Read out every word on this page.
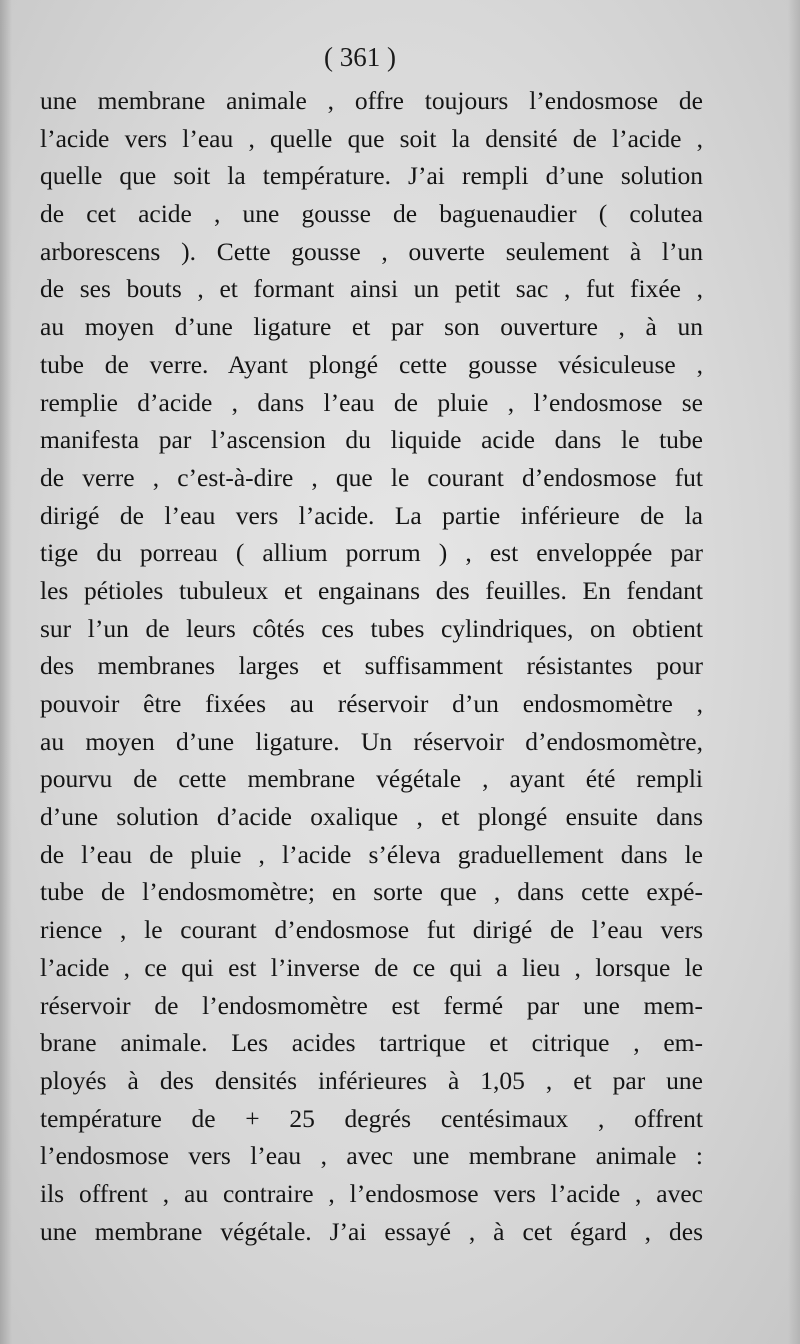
( 361 )
une membrane animale , offre toujours l’endosmose de
l’acide vers l’eau , quelle que soit la densité de l’acide ,
quelle que soit la température. J’ai rempli d’une solution
de cet acide , une gousse de baguenaudier ( colutea
arborescens ). Cette gousse , ouverte seulement à l’un
de ses bouts , et formant ainsi un petit sac , fut fixée ,
au moyen d’une ligature et par son ouverture , à un
tube de verre. Ayant plongé cette gousse vésiculeuse ,
remplie d’acide , dans l’eau de pluie , l’endosmose se
manifesta par l’ascension du liquide acide dans le tube
de verre , c’est-à-dire , que le courant d’endosmose fut
dirigé de l’eau vers l’acide. La partie inférieure de la
tige du porreau ( allium porrum ) , est enveloppée par
les pétioles tubuleux et engainans des feuilles. En fendant
sur l’un de leurs côtés ces tubes cylindriques, on obtient
des membranes larges et suffisamment résistantes pour
pouvoir être fixées au réservoir d’un endosmomètre ,
au moyen d’une ligature. Un réservoir d’endosmomètre,
pourvu de cette membrane végétale , ayant été rempli
d’une solution d’acide oxalique , et plongé ensuite dans
de l’eau de pluie , l’acide s’éleva graduellement dans le
tube de l’endosmomètre; en sorte que , dans cette expé-
rience , le courant d’endosmose fut dirigé de l’eau vers
l’acide , ce qui est l’inverse de ce qui a lieu , lorsque le
réservoir de l’endosmomètre est fermé par une mem-
brane animale. Les acides tartrique et citrique , em-
ployés à des densités inférieures à 1,05 , et par une
température de + 25 degrés centésimaux , offrent
l’endosmose vers l’eau , avec une membrane animale :
ils offrent , au contraire , l’endosmose vers l’acide , avec
une membrane végétale. J’ai essayé , à cet égard , des
